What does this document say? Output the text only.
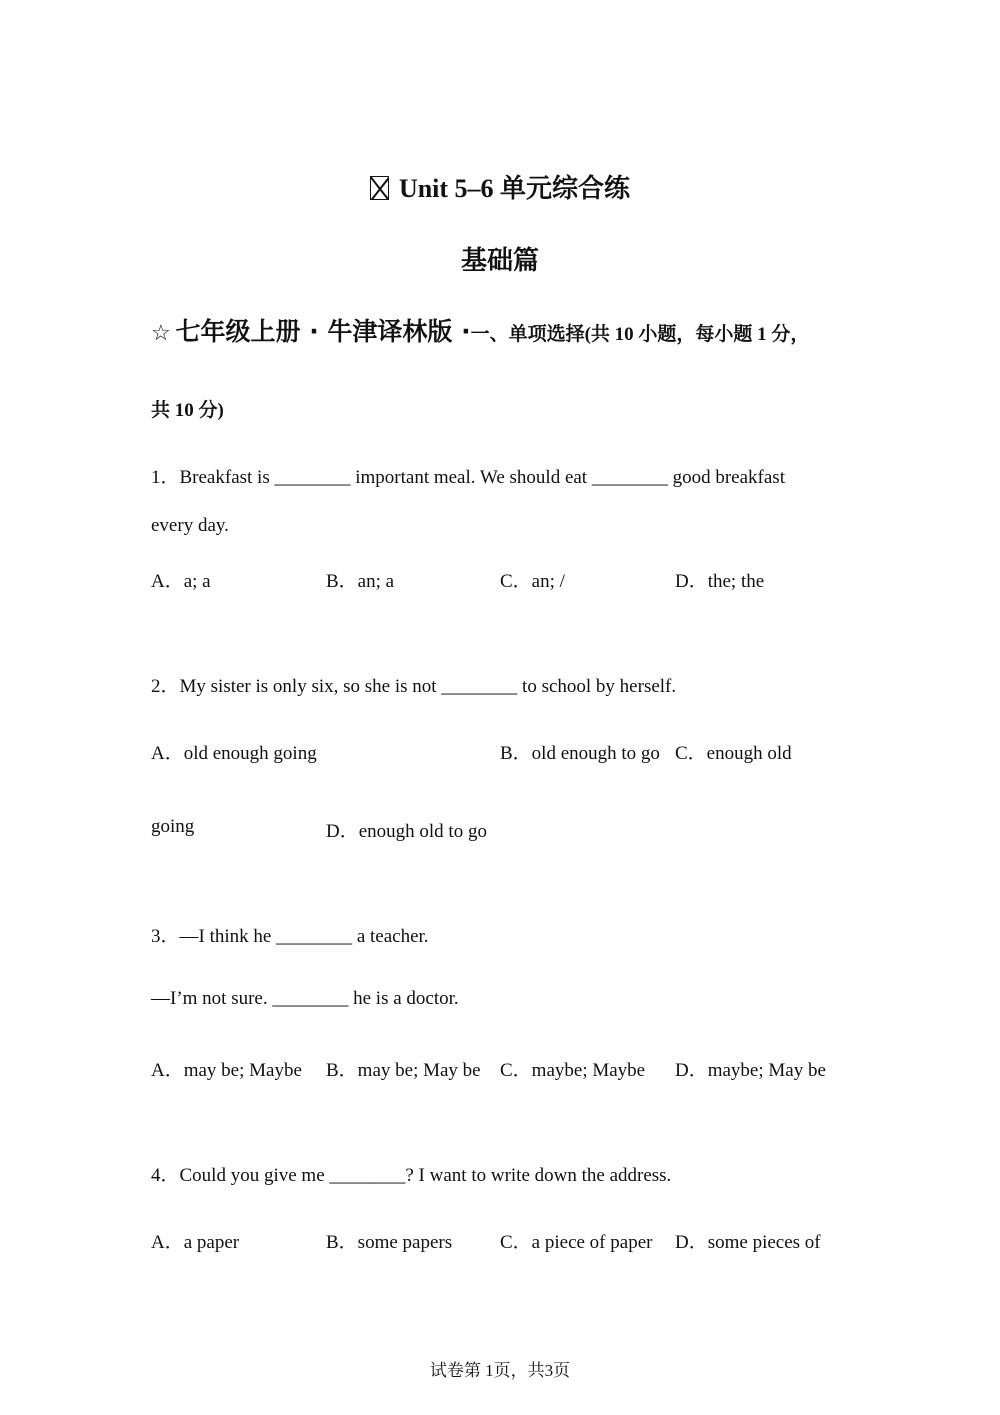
Unit 5–6 单元综合练
基础篇
☆ 七年级上册 · 牛津译林版 ·一、单项选择(共 10 小题，每小题 1 分，
共 10 分)
1．Breakfast is ________ important meal. We should eat ________ good breakfast
every day.
A．a; a	B．an; a	C．an; /	D．the; the
2．My sister is only six, so she is not ________ to school by herself.
A．old enough going	B．old enough to go C．enough old
going	D．enough old to go
3．—I think he ________ a teacher.
—I’m not sure. ________ he is a doctor.
A．may be; Maybe B．may be; May be C．maybe; Maybe D．maybe; May be
4．Could you give me ________? I want to write down the address.
A．a paper	B．some papers	C．a piece of paper D．some pieces of
试卷第 1页，共3页
